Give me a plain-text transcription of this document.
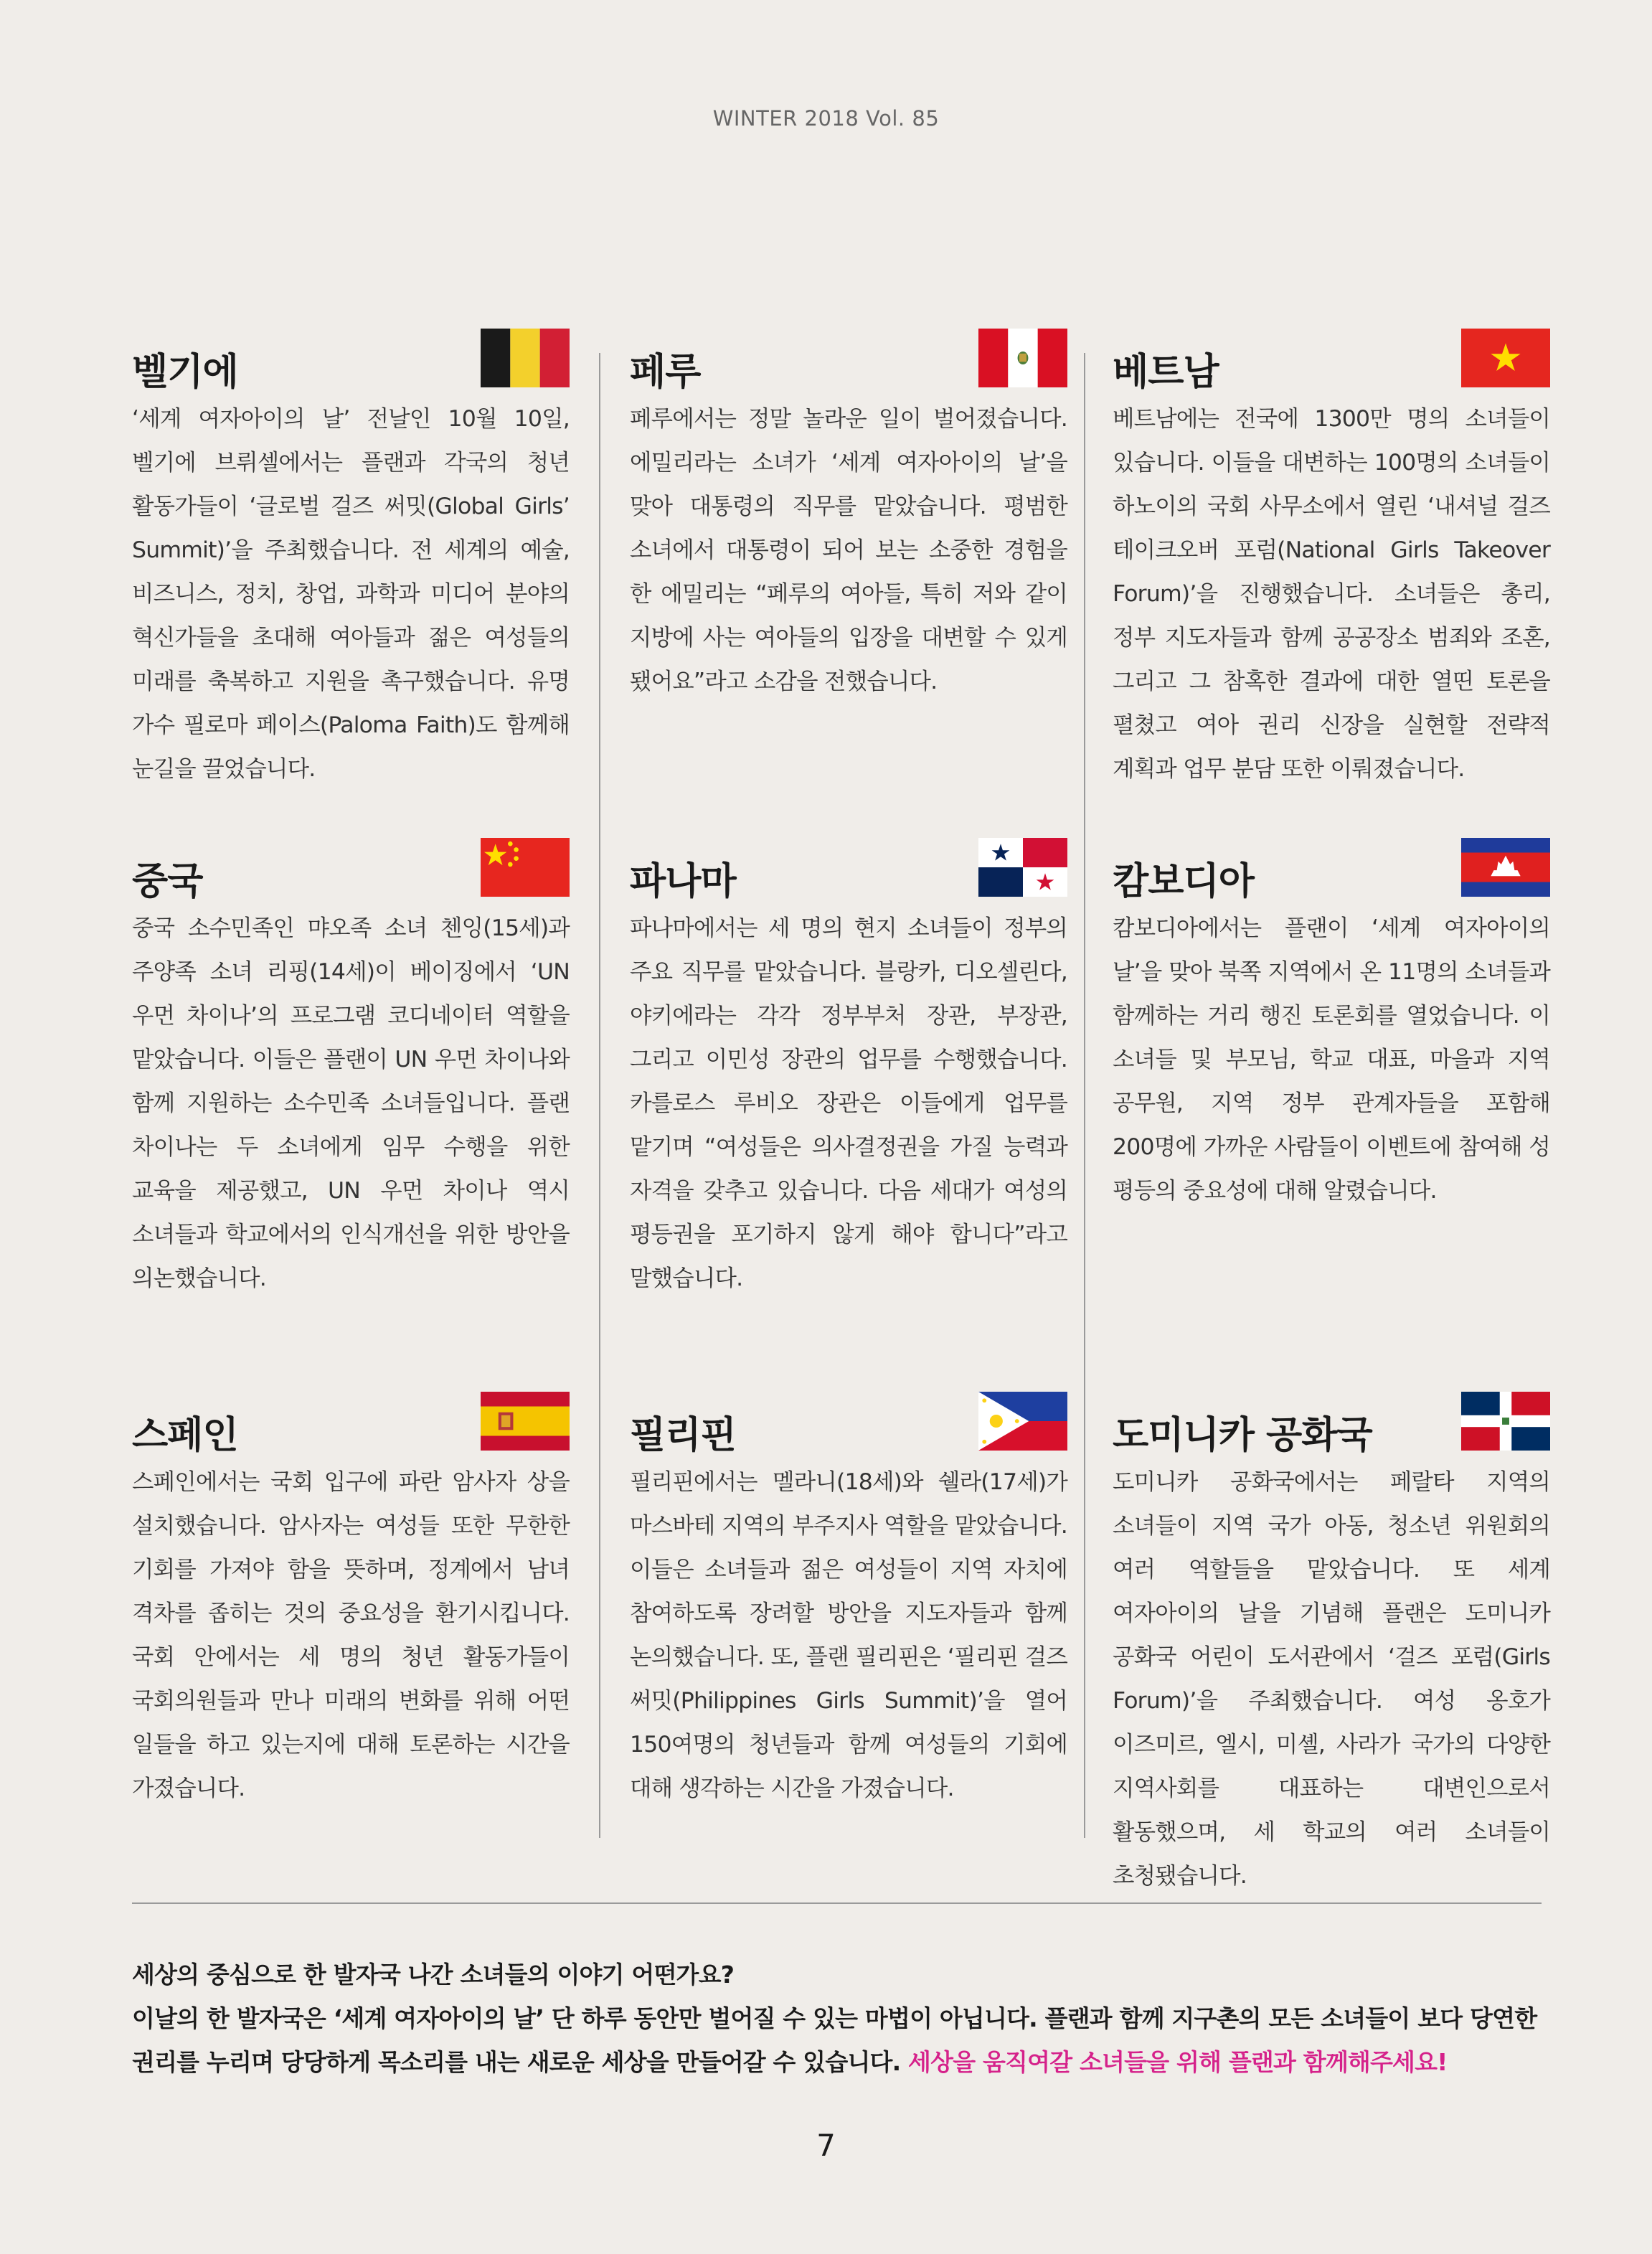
WINTER 2018 Vol. 85
벨기에
‘세계 여자아이의 날’ 전날인 10월 10일, 벨기에 브뤼셀에서는 플랜과 각국의 청년 활동가들이 ‘글로벌 걸즈 써밋(Global Girls’ Summit)’을 주최했습니다. 전 세계의 예술, 비즈니스, 정치, 창업, 과학과 미디어 분야의 혁신가들을 초대해 여아들과 젊은 여성들의 미래를 축복하고 지원을 촉구했습니다. 유명 가수 필로마 페이스(Paloma Faith)도 함께해 눈길을 끌었습니다.
중국
중국 소수민족인 먀오족 소녀 첸잉(15세)과 주양족 소녀 리핑(14세)이 베이징에서 ‘UN 우먼 차이나’의 프로그램 코디네이터 역할을 맡았습니다. 이들은 플랜이 UN 우먼 차이나와 함께 지원하는 소수민족 소녀들입니다. 플랜 차이나는 두 소녀에게 임무 수행을 위한 교육을 제공했고, UN 우먼 차이나 역시 소녀들과 학교에서의 인식개선을 위한 방안을 의논했습니다.
스페인
스페인에서는 국회 입구에 파란 암사자 상을 설치했습니다. 암사자는 여성들 또한 무한한 기회를 가져야 함을 뜻하며, 정계에서 남녀 격차를 좁히는 것의 중요성을 환기시킵니다. 국회 안에서는 세 명의 청년 활동가들이 국회의원들과 만나 미래의 변화를 위해 어떤 일들을 하고 있는지에 대해 토론하는 시간을 가졌습니다.
페루
페루에서는 정말 놀라운 일이 벌어졌습니다. 에밀리라는 소녀가 ‘세계 여자아이의 날’을 맞아 대통령의 직무를 맡았습니다. 평범한 소녀에서 대통령이 되어 보는 소중한 경험을 한 에밀리는 “페루의 여아들, 특히 저와 같이 지방에 사는 여아들의 입장을 대변할 수 있게 됐어요”라고 소감을 전했습니다.
파나마
파나마에서는 세 명의 현지 소녀들이 정부의 주요 직무를 맡았습니다. 블랑카, 디오셀린다, 야키에라는 각각 정부부처 장관, 부장관, 그리고 이민성 장관의 업무를 수행했습니다. 카를로스 루비오 장관은 이들에게 업무를 맡기며 “여성들은 의사결정권을 가질 능력과 자격을 갖추고 있습니다. 다음 세대가 여성의 평등권을 포기하지 않게 해야 합니다”라고 말했습니다.
필리핀
필리핀에서는 멜라니(18세)와 쉘라(17세)가 마스바테 지역의 부주지사 역할을 맡았습니다. 이들은 소녀들과 젊은 여성들이 지역 자치에 참여하도록 장려할 방안을 지도자들과 함께 논의했습니다. 또, 플랜 필리핀은 ‘필리핀 걸즈 써밋(Philippines Girls Summit)’을 열어 150여명의 청년들과 함께 여성들의 기회에 대해 생각하는 시간을 가졌습니다.
베트남
베트남에는 전국에 1300만 명의 소녀들이 있습니다. 이들을 대변하는 100명의 소녀들이 하노이의 국회 사무소에서 열린 ‘내셔널 걸즈 테이크오버 포럼(National Girls Takeover Forum)’을 진행했습니다. 소녀들은 총리, 정부 지도자들과 함께 공공장소 범죄와 조혼, 그리고 그 참혹한 결과에 대한 열띤 토론을 펼쳤고 여아 권리 신장을 실현할 전략적 계획과 업무 분담 또한 이뤄졌습니다.
캄보디아
캄보디아에서는 플랜이 ‘세계 여자아이의 날’을 맞아 북쪽 지역에서 온 11명의 소녀들과 함께하는 거리 행진 토론회를 열었습니다. 이 소녀들 및 부모님, 학교 대표, 마을과 지역 공무원, 지역 정부 관계자들을 포함해 200명에 가까운 사람들이 이벤트에 참여해 성 평등의 중요성에 대해 알렸습니다.
도미니카 공화국
도미니카 공화국에서는 페랄타 지역의 소녀들이 지역 국가 아동, 청소년 위원회의 여러 역할들을 맡았습니다. 또 세계 여자아이의 날을 기념해 플랜은 도미니카 공화국 어린이 도서관에서 ‘걸즈 포럼(Girls Forum)’을 주최했습니다. 여성 옹호가 이즈미르, 엘시, 미셸, 사라가 국가의 다양한 지역사회를 대표하는 대변인으로서 활동했으며, 세 학교의 여러 소녀들이 초청됐습니다.
세상의 중심으로 한 발자국 나간 소녀들의 이야기 어떤가요?
이날의 한 발자국은 ‘세계 여자아이의 날’ 단 하루 동안만 벌어질 수 있는 마법이 아닙니다. 플랜과 함께 지구촌의 모든 소녀들이 보다 당연한 권리를 누리며 당당하게 목소리를 내는 새로운 세상을 만들어갈 수 있습니다. 세상을 움직여갈 소녀들을 위해 플랜과 함께해주세요!
7
